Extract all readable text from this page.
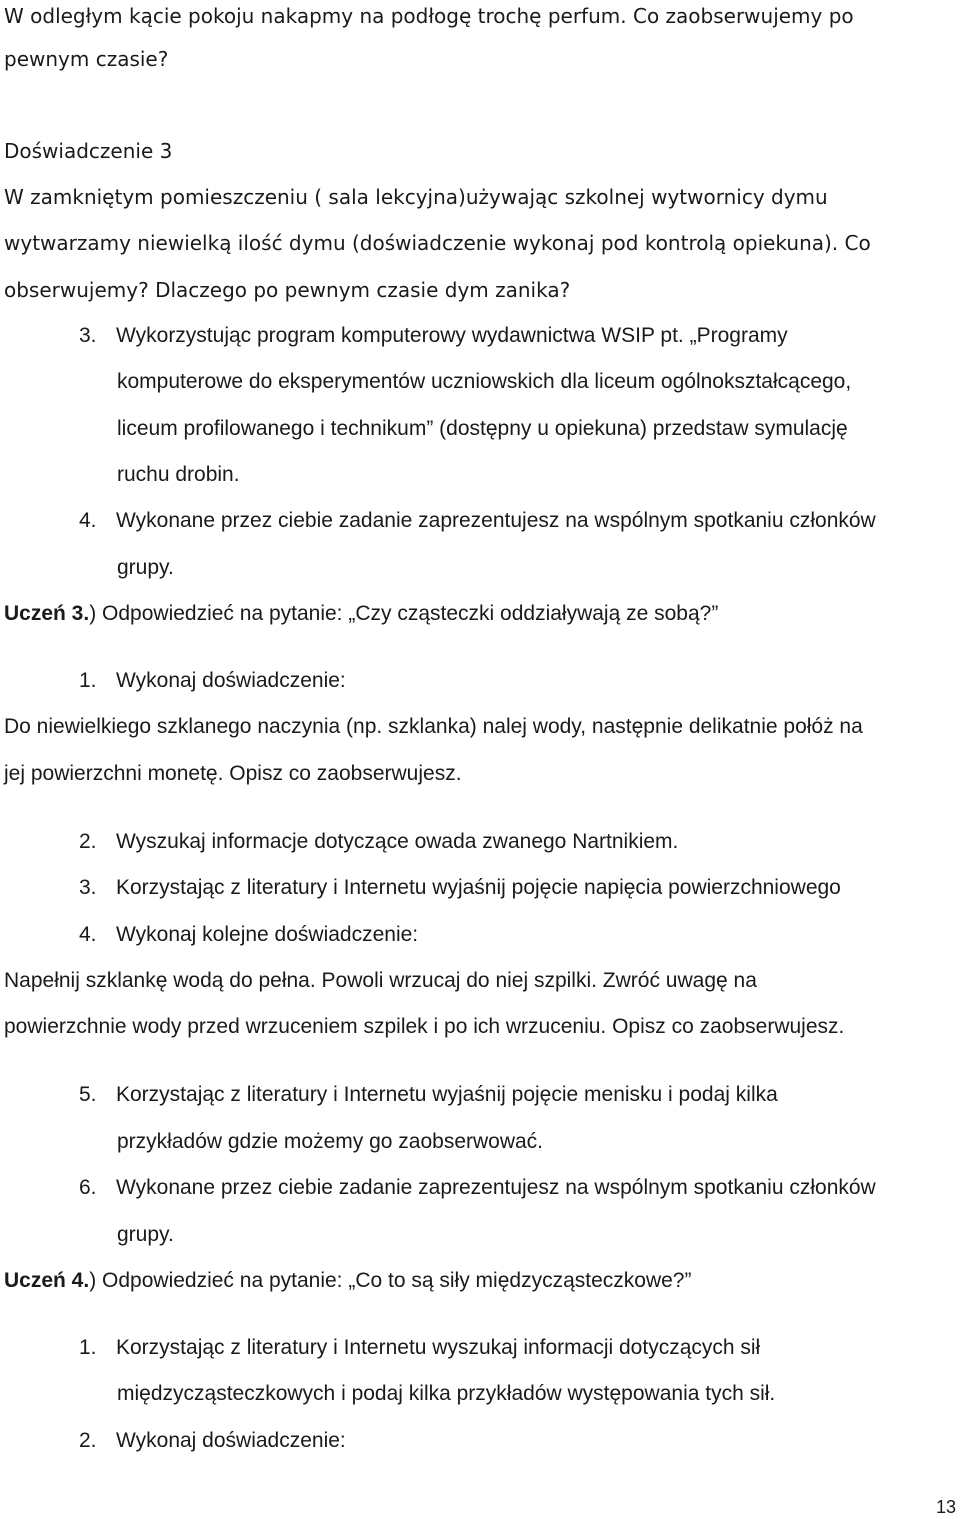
W odległym kącie pokoju nakapmy na podłogę trochę perfum. Co zaobserwujemy po

pewnym czasie?

Doświadczenie 3

W zamkniętym pomieszczeniu ( sala lekcyjna)używając szkolnej wytwornicy dymu

wytwarzamy niewielką ilość dymu (doświadczenie wykonaj pod kontrolą opiekuna). Co

obserwujemy? Dlaczego po pewnym czasie dym zanika?

3. Wykorzystując program komputerowy wydawnictwa WSIP pt. „Programy

komputerowe do eksperymentów uczniowskich dla liceum ogólnokształcącego,

liceum profilowanego i technikum” (dostępny u opiekuna) przedstaw symulację

ruchu drobin.

4. Wykonane przez ciebie zadanie zaprezentujesz na wspólnym spotkaniu członków

grupy.

Uczeń 3.) Odpowiedzieć na pytanie: „Czy cząsteczki oddziaływają ze sobą?”

1. Wykonaj doświadczenie:

Do niewielkiego szklanego naczynia (np. szklanka) nalej wody, następnie delikatnie połóż na

jej powierzchni monetę. Opisz co zaobserwujesz.

2. Wyszukaj informacje dotyczące owada zwanego Nartnikiem.

3. Korzystając z literatury i Internetu wyjaśnij pojęcie napięcia powierzchniowego

4. Wykonaj kolejne doświadczenie:

Napełnij szklankę wodą do pełna. Powoli wrzucaj do niej szpilki. Zwróć uwagę na

powierzchnie wody przed wrzuceniem szpilek i po ich wrzuceniu. Opisz co zaobserwujesz.

5. Korzystając z literatury i Internetu wyjaśnij pojęcie menisku i podaj kilka

przykładów gdzie możemy go zaobserwować.

6. Wykonane przez ciebie zadanie zaprezentujesz na wspólnym spotkaniu członków

grupy.

Uczeń 4.) Odpowiedzieć na pytanie: „Co to są siły międzycząsteczkowe?”

1. Korzystając z literatury i Internetu wyszukaj informacji dotyczących sił

międzycząsteczkowych i podaj kilka przykładów występowania tych sił.

2. Wykonaj doświadczenie:

13
